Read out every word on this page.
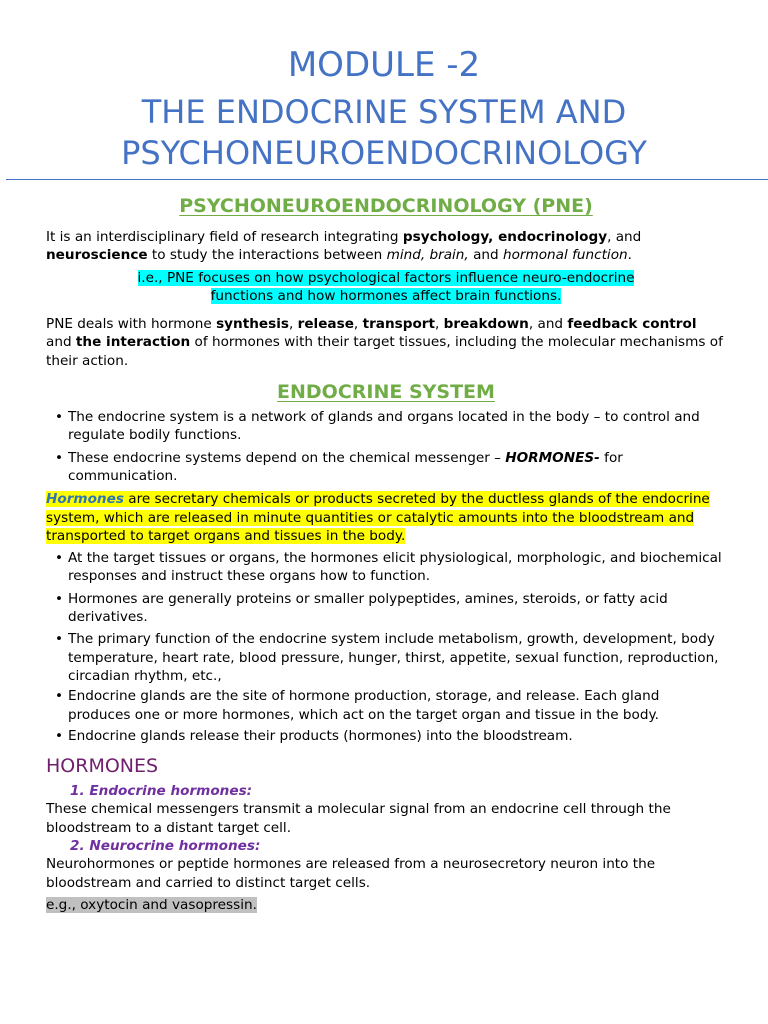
MODULE -2
THE ENDOCRINE SYSTEM AND
PSYCHONEUROENDOCRINOLOGY
PSYCHONEUROENDOCRINOLOGY (PNE)

It is an interdisciplinary field of research integrating psychology, endocrinology, and neuroscience to study the interactions between mind, brain, and hormonal function.

i.e., PNE focuses on how psychological factors influence neuro-endocrine
functions and how hormones affect brain functions.

PNE deals with hormone synthesis, release, transport, breakdown, and feedback control and the interaction of hormones with their target tissues, including the molecular mechanisms of their action.

ENDOCRINE SYSTEM
• The endocrine system is a network of glands and organs located in the body – to control and regulate bodily functions.
• These endocrine systems depend on the chemical messenger – HORMONES- for communication.

Hormones are secretary chemicals or products secreted by the ductless glands of the endocrine system, which are released in minute quantities or catalytic amounts into the bloodstream and transported to target organs and tissues in the body.

• At the target tissues or organs, the hormones elicit physiological, morphologic, and biochemical responses and instruct these organs how to function.
• Hormones are generally proteins or smaller polypeptides, amines, steroids, or fatty acid derivatives.
• The primary function of the endocrine system include metabolism, growth, development, body temperature, heart rate, blood pressure, hunger, thirst, appetite, sexual function, reproduction, circadian rhythm, etc.,
• Endocrine glands are the site of hormone production, storage, and release. Each gland produces one or more hormones, which act on the target organ and tissue in the body.
• Endocrine glands release their products (hormones) into the bloodstream.

HORMONES

1. Endocrine hormones:

These chemical messengers transmit a molecular signal from an endocrine cell through the bloodstream to a distant target cell.

2. Neurocrine hormones:

Neurohormones or peptide hormones are released from a neurosecretory neuron into the bloodstream and carried to distinct target cells.

e.g., oxytocin and vasopressin.
